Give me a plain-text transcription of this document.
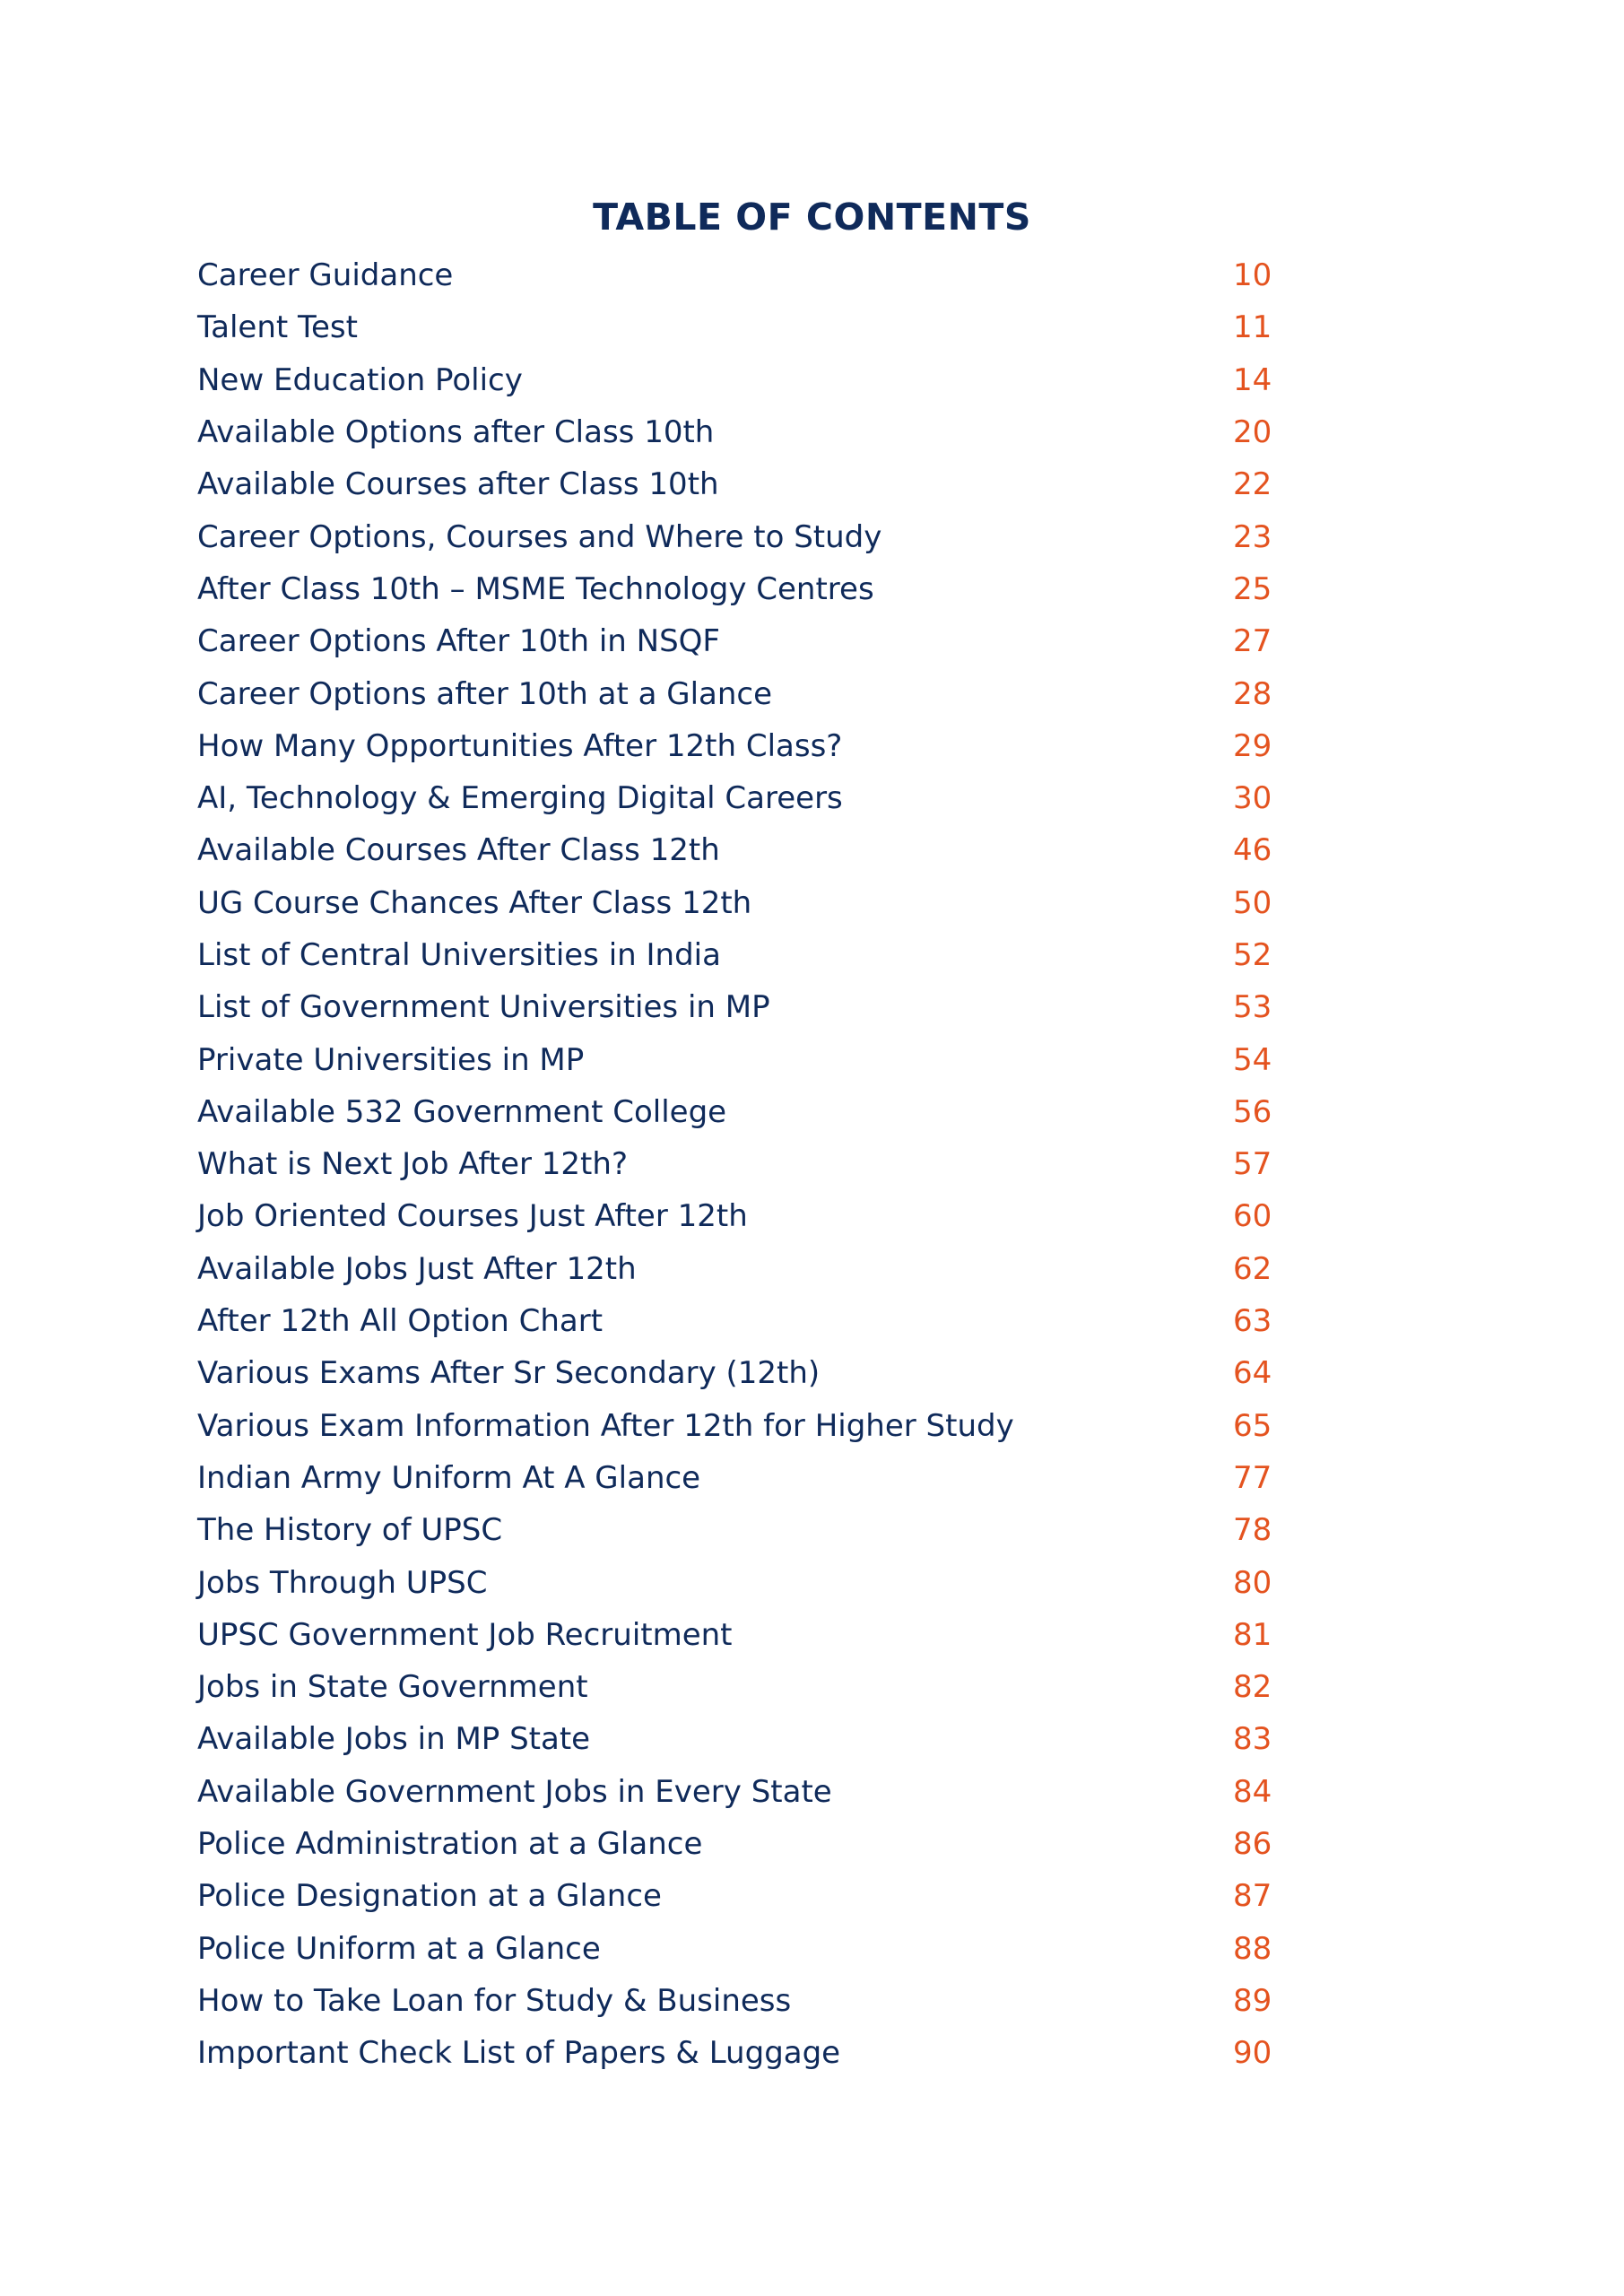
TABLE OF CONTENTS
Career Guidance	10
Talent Test	11
New Education Policy	14
Available Options after Class 10th	20
Available Courses after Class 10th	22
Career Options, Courses and Where to Study	23
After Class 10th – MSME Technology Centres	25
Career Options After 10th in NSQF	27
Career Options after 10th at a Glance	28
How Many Opportunities After 12th Class?	29
AI, Technology & Emerging Digital Careers	30
Available Courses After Class 12th	46
UG Course Chances After Class 12th	50
List of Central Universities in India	52
List of Government Universities in MP	53
Private Universities in MP	54
Available 532 Government College	56
What is Next Job After 12th?	57
Job Oriented Courses Just After 12th	60
Available Jobs Just After 12th	62
After 12th All Option Chart	63
Various Exams After Sr Secondary (12th)	64
Various Exam Information After 12th for Higher Study	65
Indian Army Uniform At A Glance	77
The History of UPSC	78
Jobs Through UPSC	80
UPSC Government Job Recruitment	81
Jobs in State Government	82
Available Jobs in MP State	83
Available Government Jobs in Every State	84
Police Administration at a Glance	86
Police Designation at a Glance	87
Police Uniform at a Glance	88
How to Take Loan for Study & Business	89
Important Check List of Papers & Luggage	90
